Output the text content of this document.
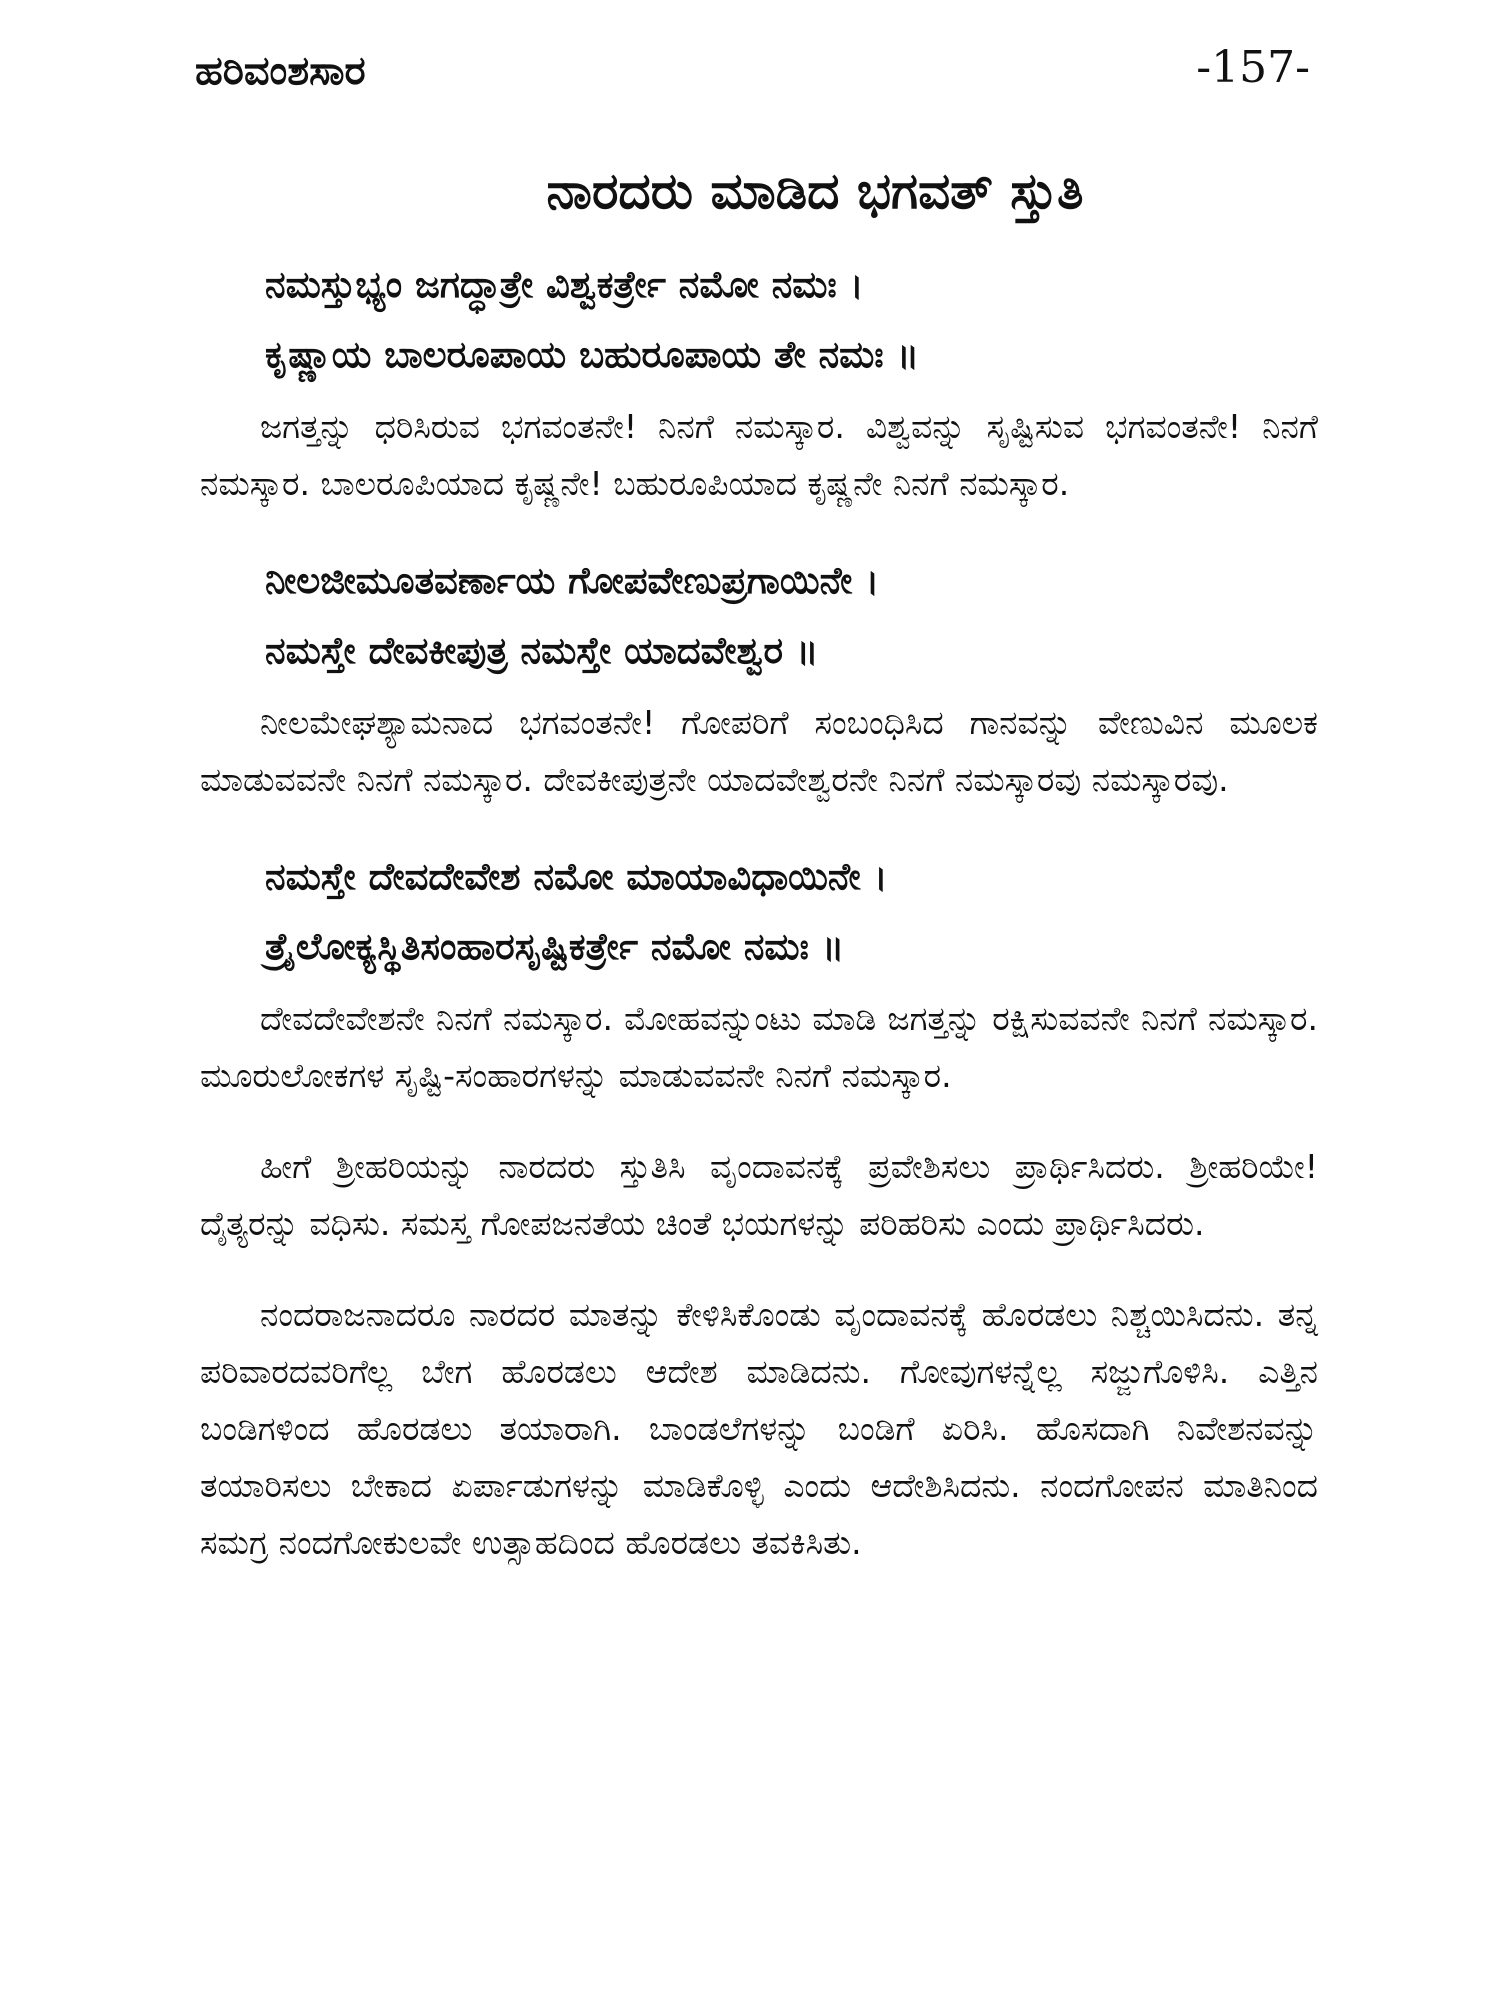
ಹರಿವಂಶಸಾರ	-157-
ನಾರದರು ಮಾಡಿದ ಭಗವತ್ ಸ್ತುತಿ
ನಮಸ್ತುಭ್ಯಂ ಜಗದ್ಧಾತ್ರೇ ವಿಶ್ವಕರ್ತ್ರೇ ನಮೋ ನಮಃ ।
ಕೃಷ್ಣಾಯ ಬಾಲರೂಪಾಯ ಬಹುರೂಪಾಯ ತೇ ನಮಃ ॥

ಜಗತ್ತನ್ನು ಧರಿಸಿರುವ ಭಗವಂತನೇ! ನಿನಗೆ ನಮಸ್ಕಾರ. ವಿಶ್ವವನ್ನು ಸೃಷ್ಟಿಸುವ ಭಗವಂತನೇ! ನಿನಗೆ ನಮಸ್ಕಾರ. ಬಾಲರೂಪಿಯಾದ ಕೃಷ್ಣನೇ! ಬಹುರೂಪಿಯಾದ ಕೃಷ್ಣನೇ ನಿನಗೆ ನಮಸ್ಕಾರ.

ನೀಲಜೀಮೂತವರ್ಣಾಯ ಗೋಪವೇಣುಪ್ರಗಾಯಿನೇ ।
ನಮಸ್ತೇ ದೇವಕೀಪುತ್ರ ನಮಸ್ತೇ ಯಾದವೇಶ್ವರ ॥

ನೀಲಮೇಘಶ್ಯಾಮನಾದ ಭಗವಂತನೇ! ಗೋಪರಿಗೆ ಸಂಬಂಧಿಸಿದ ಗಾನವನ್ನು ವೇಣುವಿನ ಮೂಲಕ ಮಾಡುವವನೇ ನಿನಗೆ ನಮಸ್ಕಾರ. ದೇವಕೀಪುತ್ರನೇ ಯಾದವೇಶ್ವರನೇ ನಿನಗೆ ನಮಸ್ಕಾರವು ನಮಸ್ಕಾರವು.

ನಮಸ್ತೇ ದೇವದೇವೇಶ ನಮೋ ಮಾಯಾವಿಧಾಯಿನೇ ।
ತ್ರೈಲೋಕ್ಯಸ್ಥಿತಿಸಂಹಾರಸೃಷ್ಟಿಕರ್ತ್ರೇ ನಮೋ ನಮಃ ॥

ದೇವದೇವೇಶನೇ ನಿನಗೆ ನಮಸ್ಕಾರ. ಮೋಹವನ್ನುಂಟು ಮಾಡಿ ಜಗತ್ತನ್ನು ರಕ್ಷಿಸುವವನೇ ನಿನಗೆ ನಮಸ್ಕಾರ. ಮೂರುಲೋಕಗಳ ಸೃಷ್ಟಿ-ಸಂಹಾರಗಳನ್ನು ಮಾಡುವವನೇ ನಿನಗೆ ನಮಸ್ಕಾರ.

ಹೀಗೆ ಶ್ರೀಹರಿಯನ್ನು ನಾರದರು ಸ್ತುತಿಸಿ ವೃಂದಾವನಕ್ಕೆ ಪ್ರವೇಶಿಸಲು ಪ್ರಾರ್ಥಿಸಿದರು. ಶ್ರೀಹರಿಯೇ! ದೈತ್ಯರನ್ನು ವಧಿಸು. ಸಮಸ್ತ ಗೋಪಜನತೆಯ ಚಿಂತೆ ಭಯಗಳನ್ನು ಪರಿಹರಿಸು ಎಂದು ಪ್ರಾರ್ಥಿಸಿದರು.

ನಂದರಾಜನಾದರೂ ನಾರದರ ಮಾತನ್ನು ಕೇಳಿಸಿಕೊಂಡು ವೃಂದಾವನಕ್ಕೆ ಹೊರಡಲು ನಿಶ್ಚಯಿಸಿದನು. ತನ್ನ ಪರಿವಾರದವರಿಗೆಲ್ಲ ಬೇಗ ಹೊರಡಲು ಆದೇಶ ಮಾಡಿದನು. ಗೋವುಗಳನ್ನೆಲ್ಲ ಸಜ್ಜುಗೊಳಿಸಿ. ಎತ್ತಿನ ಬಂಡಿಗಳಿಂದ ಹೊರಡಲು ತಯಾರಾಗಿ. ಬಾಂಡಲೆಗಳನ್ನು ಬಂಡಿಗೆ ಏರಿಸಿ. ಹೊಸದಾಗಿ ನಿವೇಶನವನ್ನು ತಯಾರಿಸಲು ಬೇಕಾದ ಏರ್ಪಾಡುಗಳನ್ನು ಮಾಡಿಕೊಳ್ಳಿ ಎಂದು ಆದೇಶಿಸಿದನು. ನಂದಗೋಪನ ಮಾತಿನಿಂದ ಸಮಗ್ರ ನಂದಗೋಕುಲವೇ ಉತ್ಸಾಹದಿಂದ ಹೊರಡಲು ತವಕಿಸಿತು.
